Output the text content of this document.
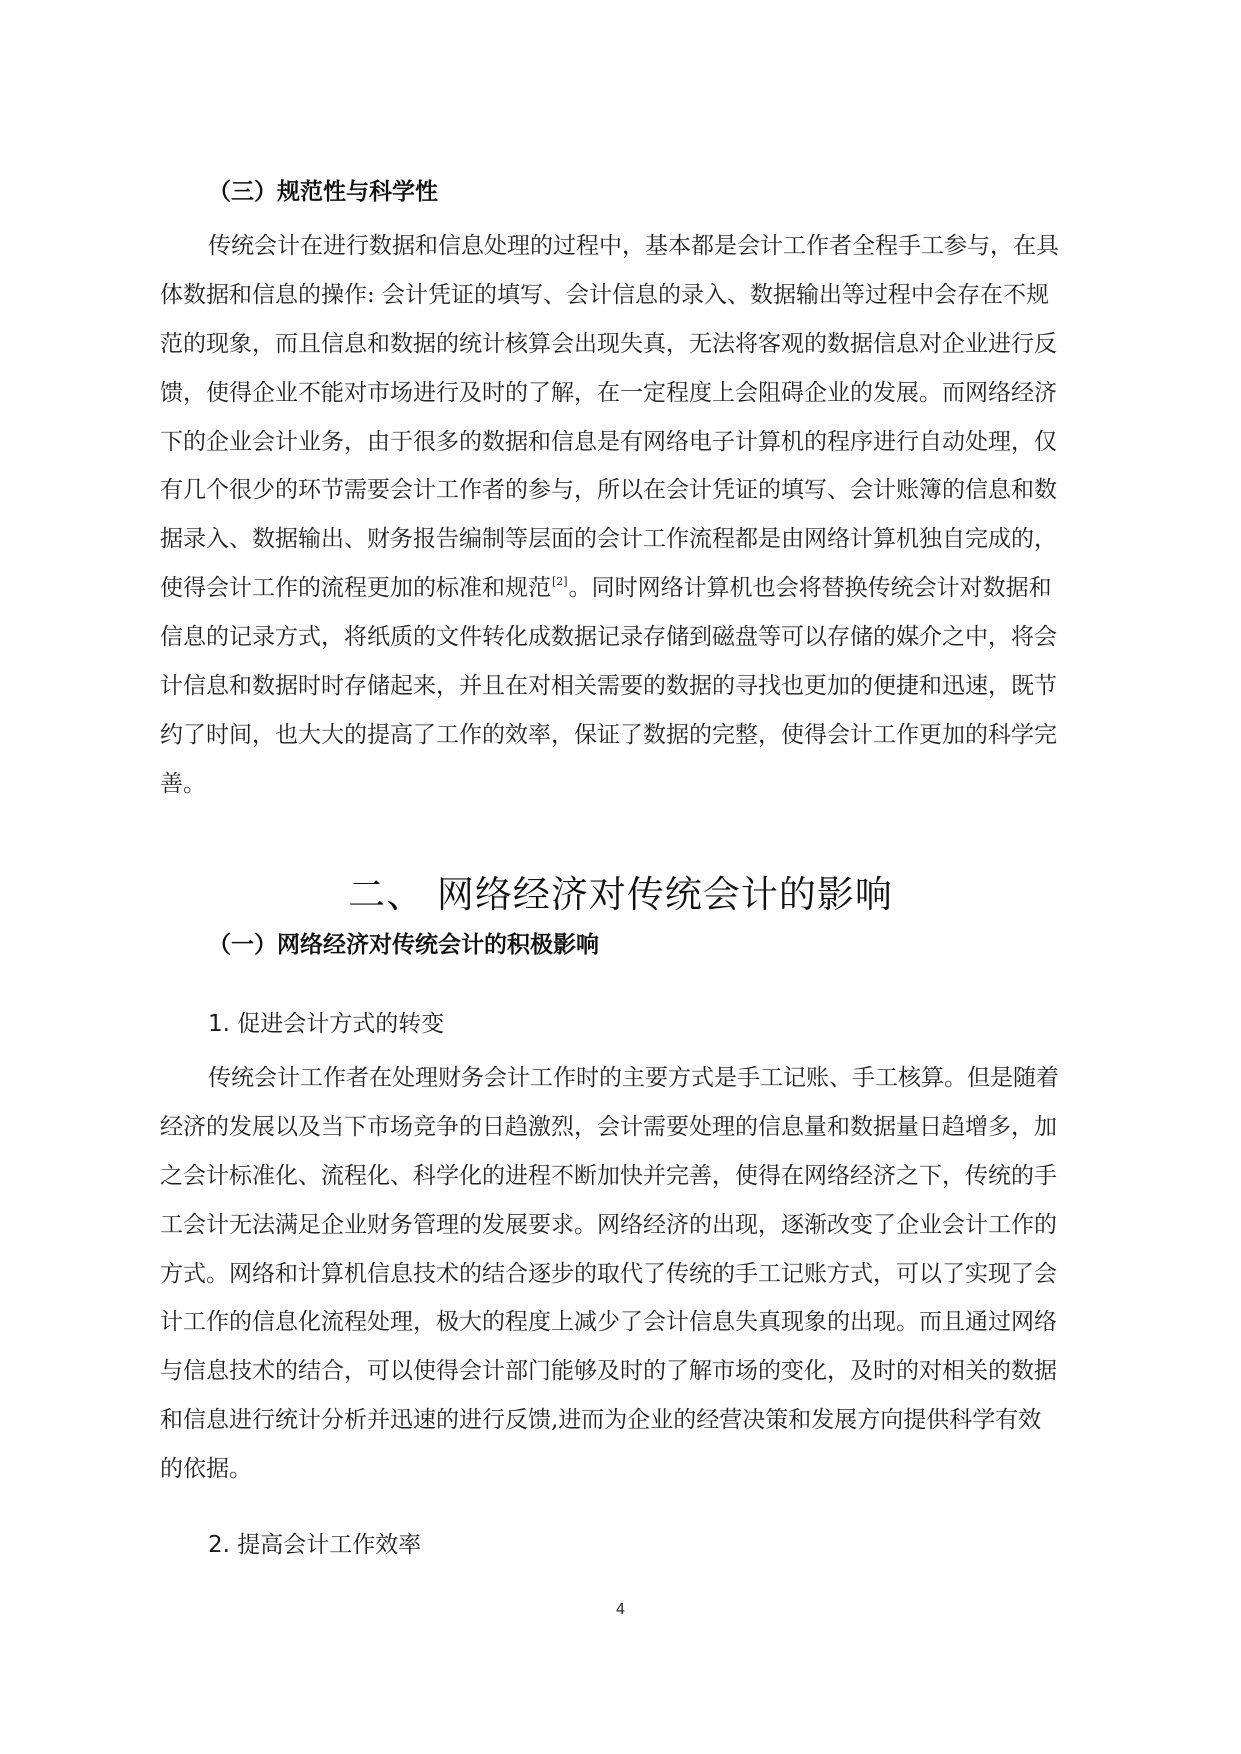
（三）规范性与科学性
传统会计在进行数据和信息处理的过程中，基本都是会计工作者全程手工参与，在具
体数据和信息的操作: 会计凭证的填写、会计信息的录入、数据输出等过程中会存在不规
范的现象，而且信息和数据的统计核算会出现失真，无法将客观的数据信息对企业进行反
馈，使得企业不能对市场进行及时的了解，在一定程度上会阻碍企业的发展。而网络经济
下的企业会计业务，由于很多的数据和信息是有网络电子计算机的程序进行自动处理，仅
有几个很少的环节需要会计工作者的参与，所以在会计凭证的填写、会计账簿的信息和数
据录入、数据输出、财务报告编制等层面的会计工作流程都是由网络计算机独自完成的，
使得会计工作的流程更加的标准和规范[2]。同时网络计算机也会将替换传统会计对数据和
信息的记录方式，将纸质的文件转化成数据记录存储到磁盘等可以存储的媒介之中，将会
计信息和数据时时存储起来，并且在对相关需要的数据的寻找也更加的便捷和迅速，既节
约了时间，也大大的提高了工作的效率，保证了数据的完整，使得会计工作更加的科学完
善。
二、 网络经济对传统会计的影响
（一）网络经济对传统会计的积极影响
1. 促进会计方式的转变
传统会计工作者在处理财务会计工作时的主要方式是手工记账、手工核算。但是随着
经济的发展以及当下市场竞争的日趋激烈，会计需要处理的信息量和数据量日趋增多，加
之会计标准化、流程化、科学化的进程不断加快并完善，使得在网络经济之下，传统的手
工会计无法满足企业财务管理的发展要求。网络经济的出现，逐渐改变了企业会计工作的
方式。网络和计算机信息技术的结合逐步的取代了传统的手工记账方式，可以了实现了会
计工作的信息化流程处理，极大的程度上减少了会计信息失真现象的出现。而且通过网络
与信息技术的结合，可以使得会计部门能够及时的了解市场的变化，及时的对相关的数据
和信息进行统计分析并迅速的进行反馈,进而为企业的经营决策和发展方向提供科学有效
的依据。
2. 提高会计工作效率
4
